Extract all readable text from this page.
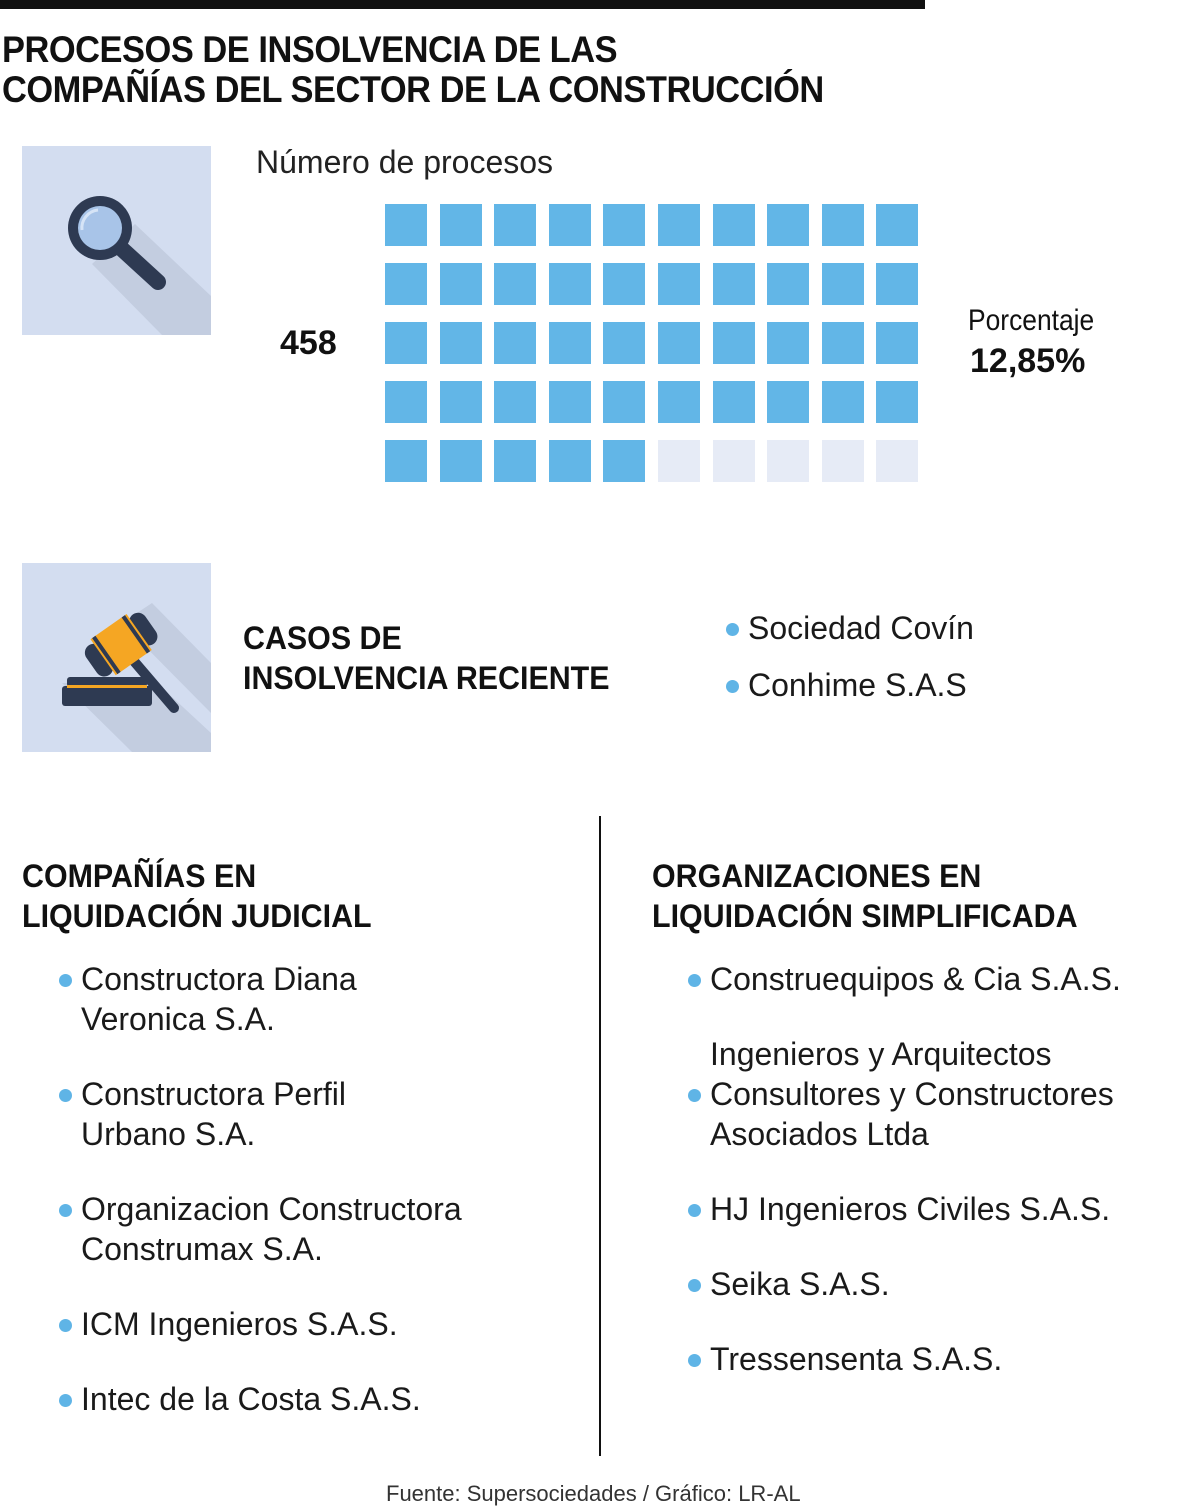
PROCESOS DE INSOLVENCIA DE LAS
COMPAÑÍAS DEL SECTOR DE LA CONSTRUCCIÓN
Número de procesos
458
Porcentaje
12,85%
CASOS DE
INSOLVENCIA RECIENTE
Sociedad Covín
Conhime S.A.S
COMPAÑÍAS EN
LIQUIDACIÓN JUDICIAL
Constructora Diana
Veronica S.A.
Constructora Perfil
Urbano S.A.
Organizacion Constructora
Construmax S.A.
ICM Ingenieros S.A.S.
Intec de la Costa S.A.S.
ORGANIZACIONES EN
LIQUIDACIÓN SIMPLIFICADA
Construequipos & Cia S.A.S.
Ingenieros y Arquitectos
Consultores y Constructores
Asociados Ltda
HJ Ingenieros Civiles S.A.S.
Seika S.A.S.
Tressensenta S.A.S.
Fuente: Supersociedades / Gráfico: LR-AL
